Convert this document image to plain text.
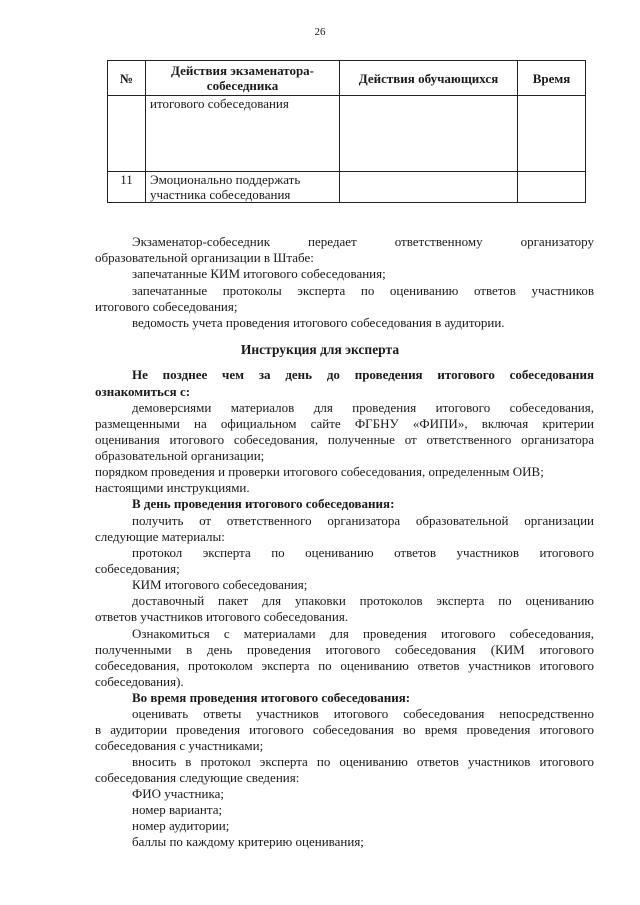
26
№	Действия экзаменатора-собеседника	Действия обучающихся	Время
	итогового собеседования		
11	Эмоционально поддержать участника собеседования		
Экзаменатор-собеседник передает ответственному организатору
образовательной организации в Штабе:
запечатанные КИМ итогового собеседования;
запечатанные протоколы эксперта по оцениванию ответов участников
итогового собеседования;
ведомость учета проведения итогового собеседования в аудитории.
Инструкция для эксперта
Не позднее чем за день до проведения итогового собеседования
ознакомиться с:
демоверсиями материалов для проведения итогового собеседования,
размещенными на официальном сайте ФГБНУ «ФИПИ», включая критерии
оценивания итогового собеседования, полученные от ответственного организатора
образовательной организации;
порядком проведения и проверки итогового собеседования, определенным ОИВ;
настоящими инструкциями.
В день проведения итогового собеседования:
получить от ответственного организатора образовательной организации
следующие материалы:
протокол эксперта по оцениванию ответов участников итогового
собеседования;
КИМ итогового собеседования;
доставочный пакет для упаковки протоколов эксперта по оцениванию
ответов участников итогового собеседования.
Ознакомиться с материалами для проведения итогового собеседования,
полученными в день проведения итогового собеседования (КИМ итогового
собеседования, протоколом эксперта по оцениванию ответов участников итогового
собеседования).
Во время проведения итогового собеседования:
оценивать ответы участников итогового собеседования непосредственно
в аудитории проведения итогового собеседования во время проведения итогового
собеседования с участниками;
вносить в протокол эксперта по оцениванию ответов участников итогового
собеседования следующие сведения:
ФИО участника;
номер варианта;
номер аудитории;
баллы по каждому критерию оценивания;
